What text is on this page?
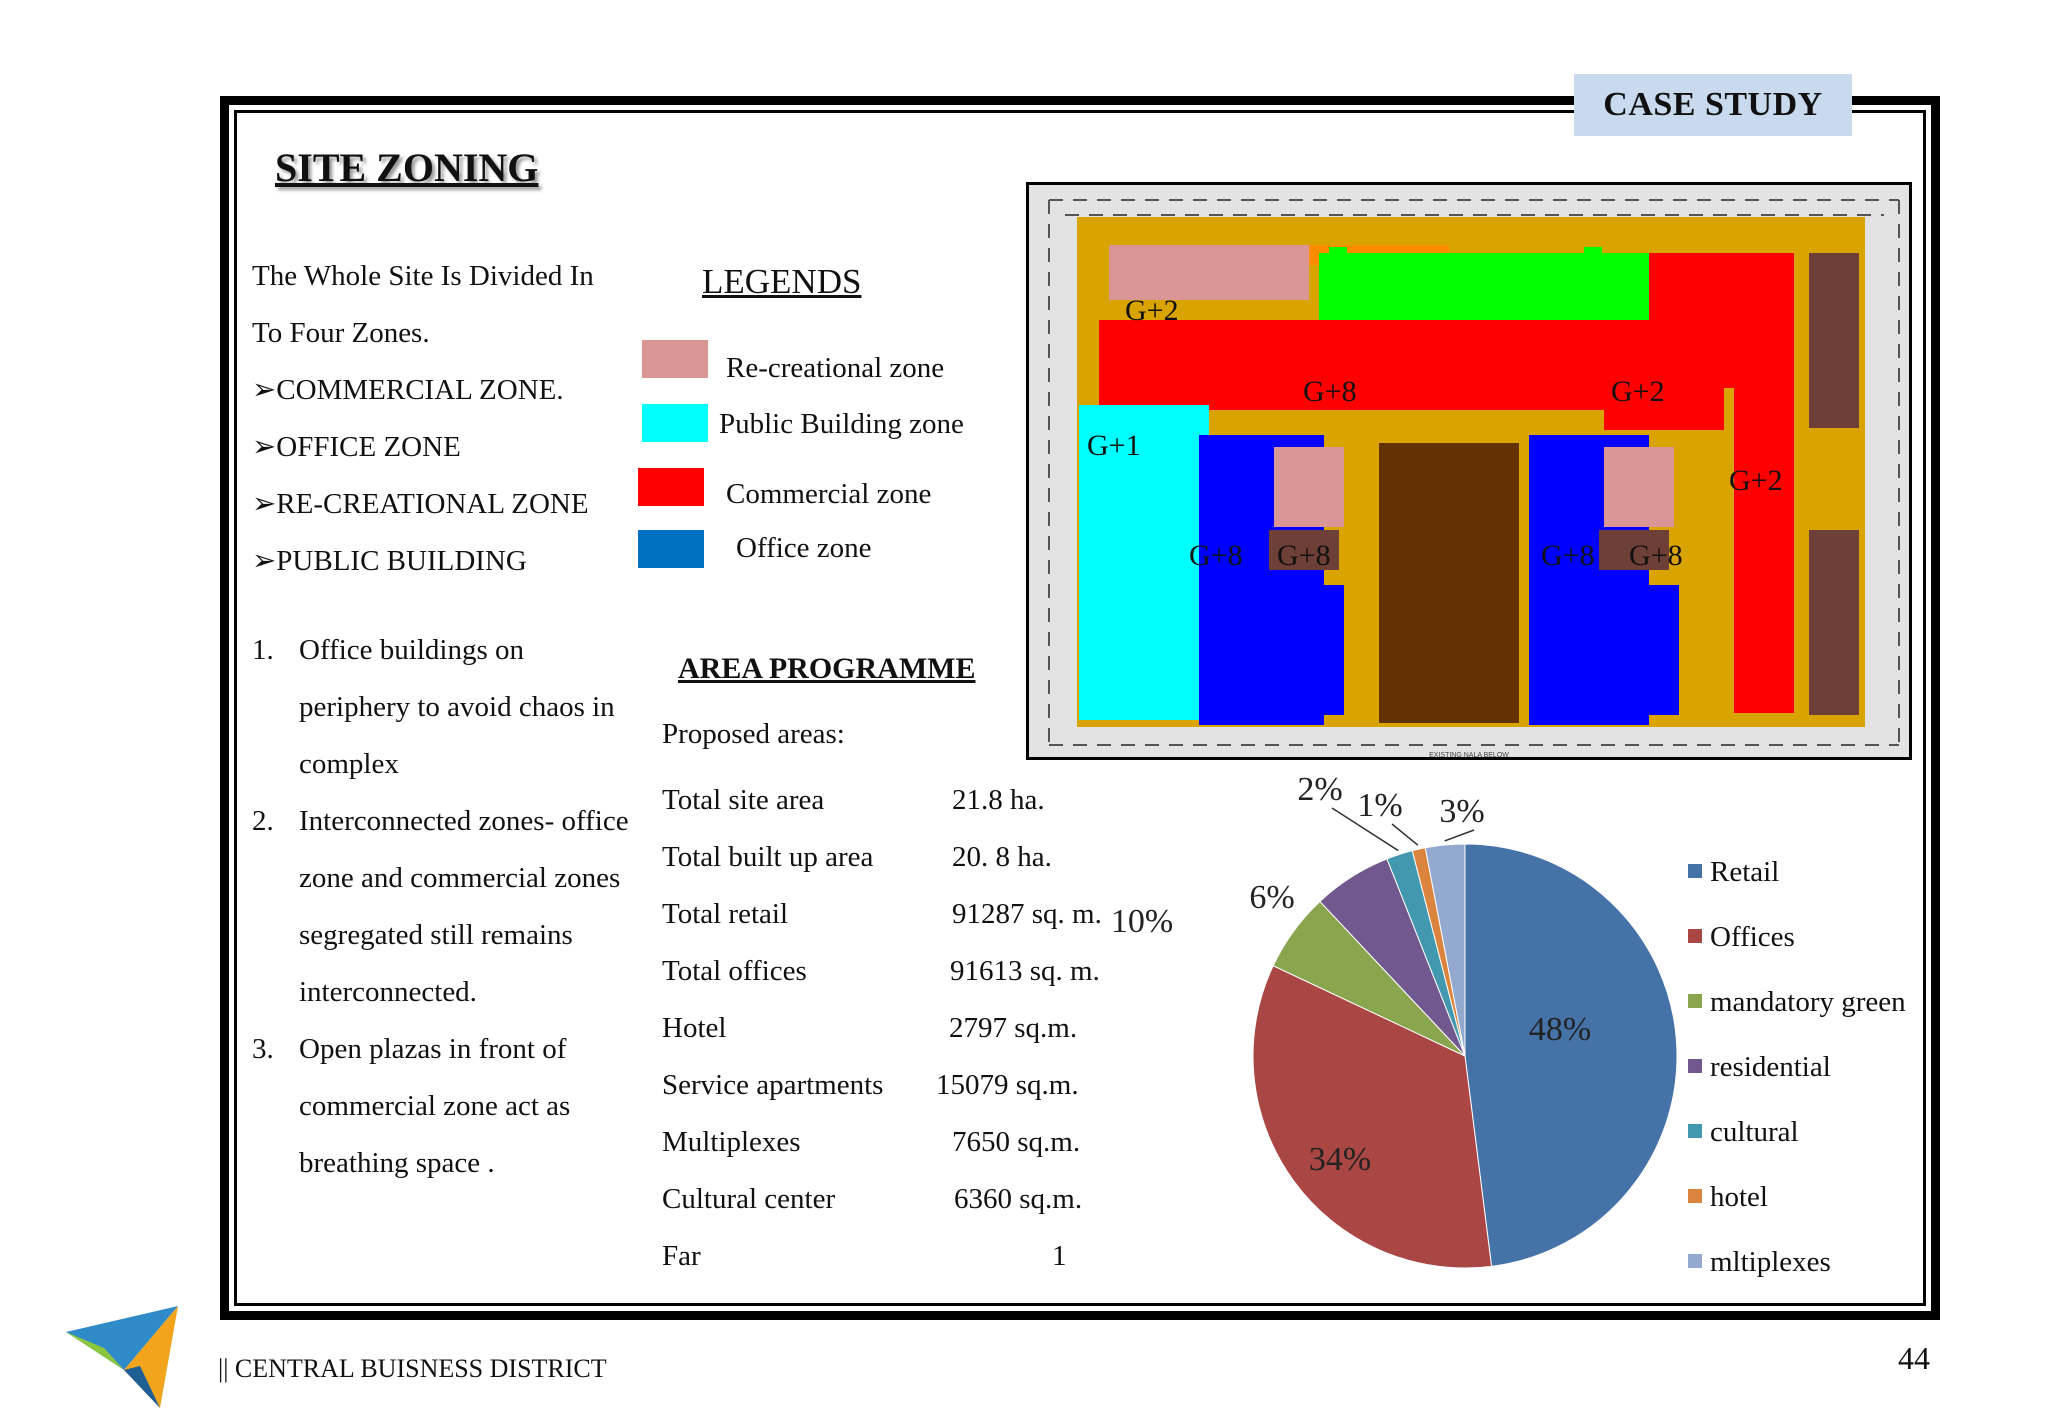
CASE STUDY
SITE ZONING
The Whole Site Is Divided In
To Four Zones.
➢COMMERCIAL ZONE.
➢OFFICE ZONE
➢RE-CREATIONAL ZONE
➢PUBLIC BUILDING
LEGENDS
Re-creational zone
Public Building zone
Commercial zone
Office zone
1. Office buildings on periphery to avoid chaos in complex
2. Interconnected zones- office zone and commercial zones segregated still remains interconnected.
3. Open plazas in front of commercial zone act as breathing space .
AREA PROGRAMME
Proposed areas:
Total site area	21.8 ha.
Total built up area	20. 8 ha.
Total retail	91287 sq. m.
Total offices	91613 sq. m.
Hotel	2797 sq.m.
Service apartments 15079 sq.m.
Multiplexes	7650 sq.m.
Cultural center	6360 sq.m.
Far	1
EXISTING NALA BELOW
G+2
G+8	G+2
G+1
G+2
G+8 G+8	G+8 G+8
48%
34%
6%
10%
2% 1% 3%
Retail
Offices
mandatory green
residential
cultural
hotel
mltiplexes
|| CENTRAL BUISNESS DISTRICT	44
